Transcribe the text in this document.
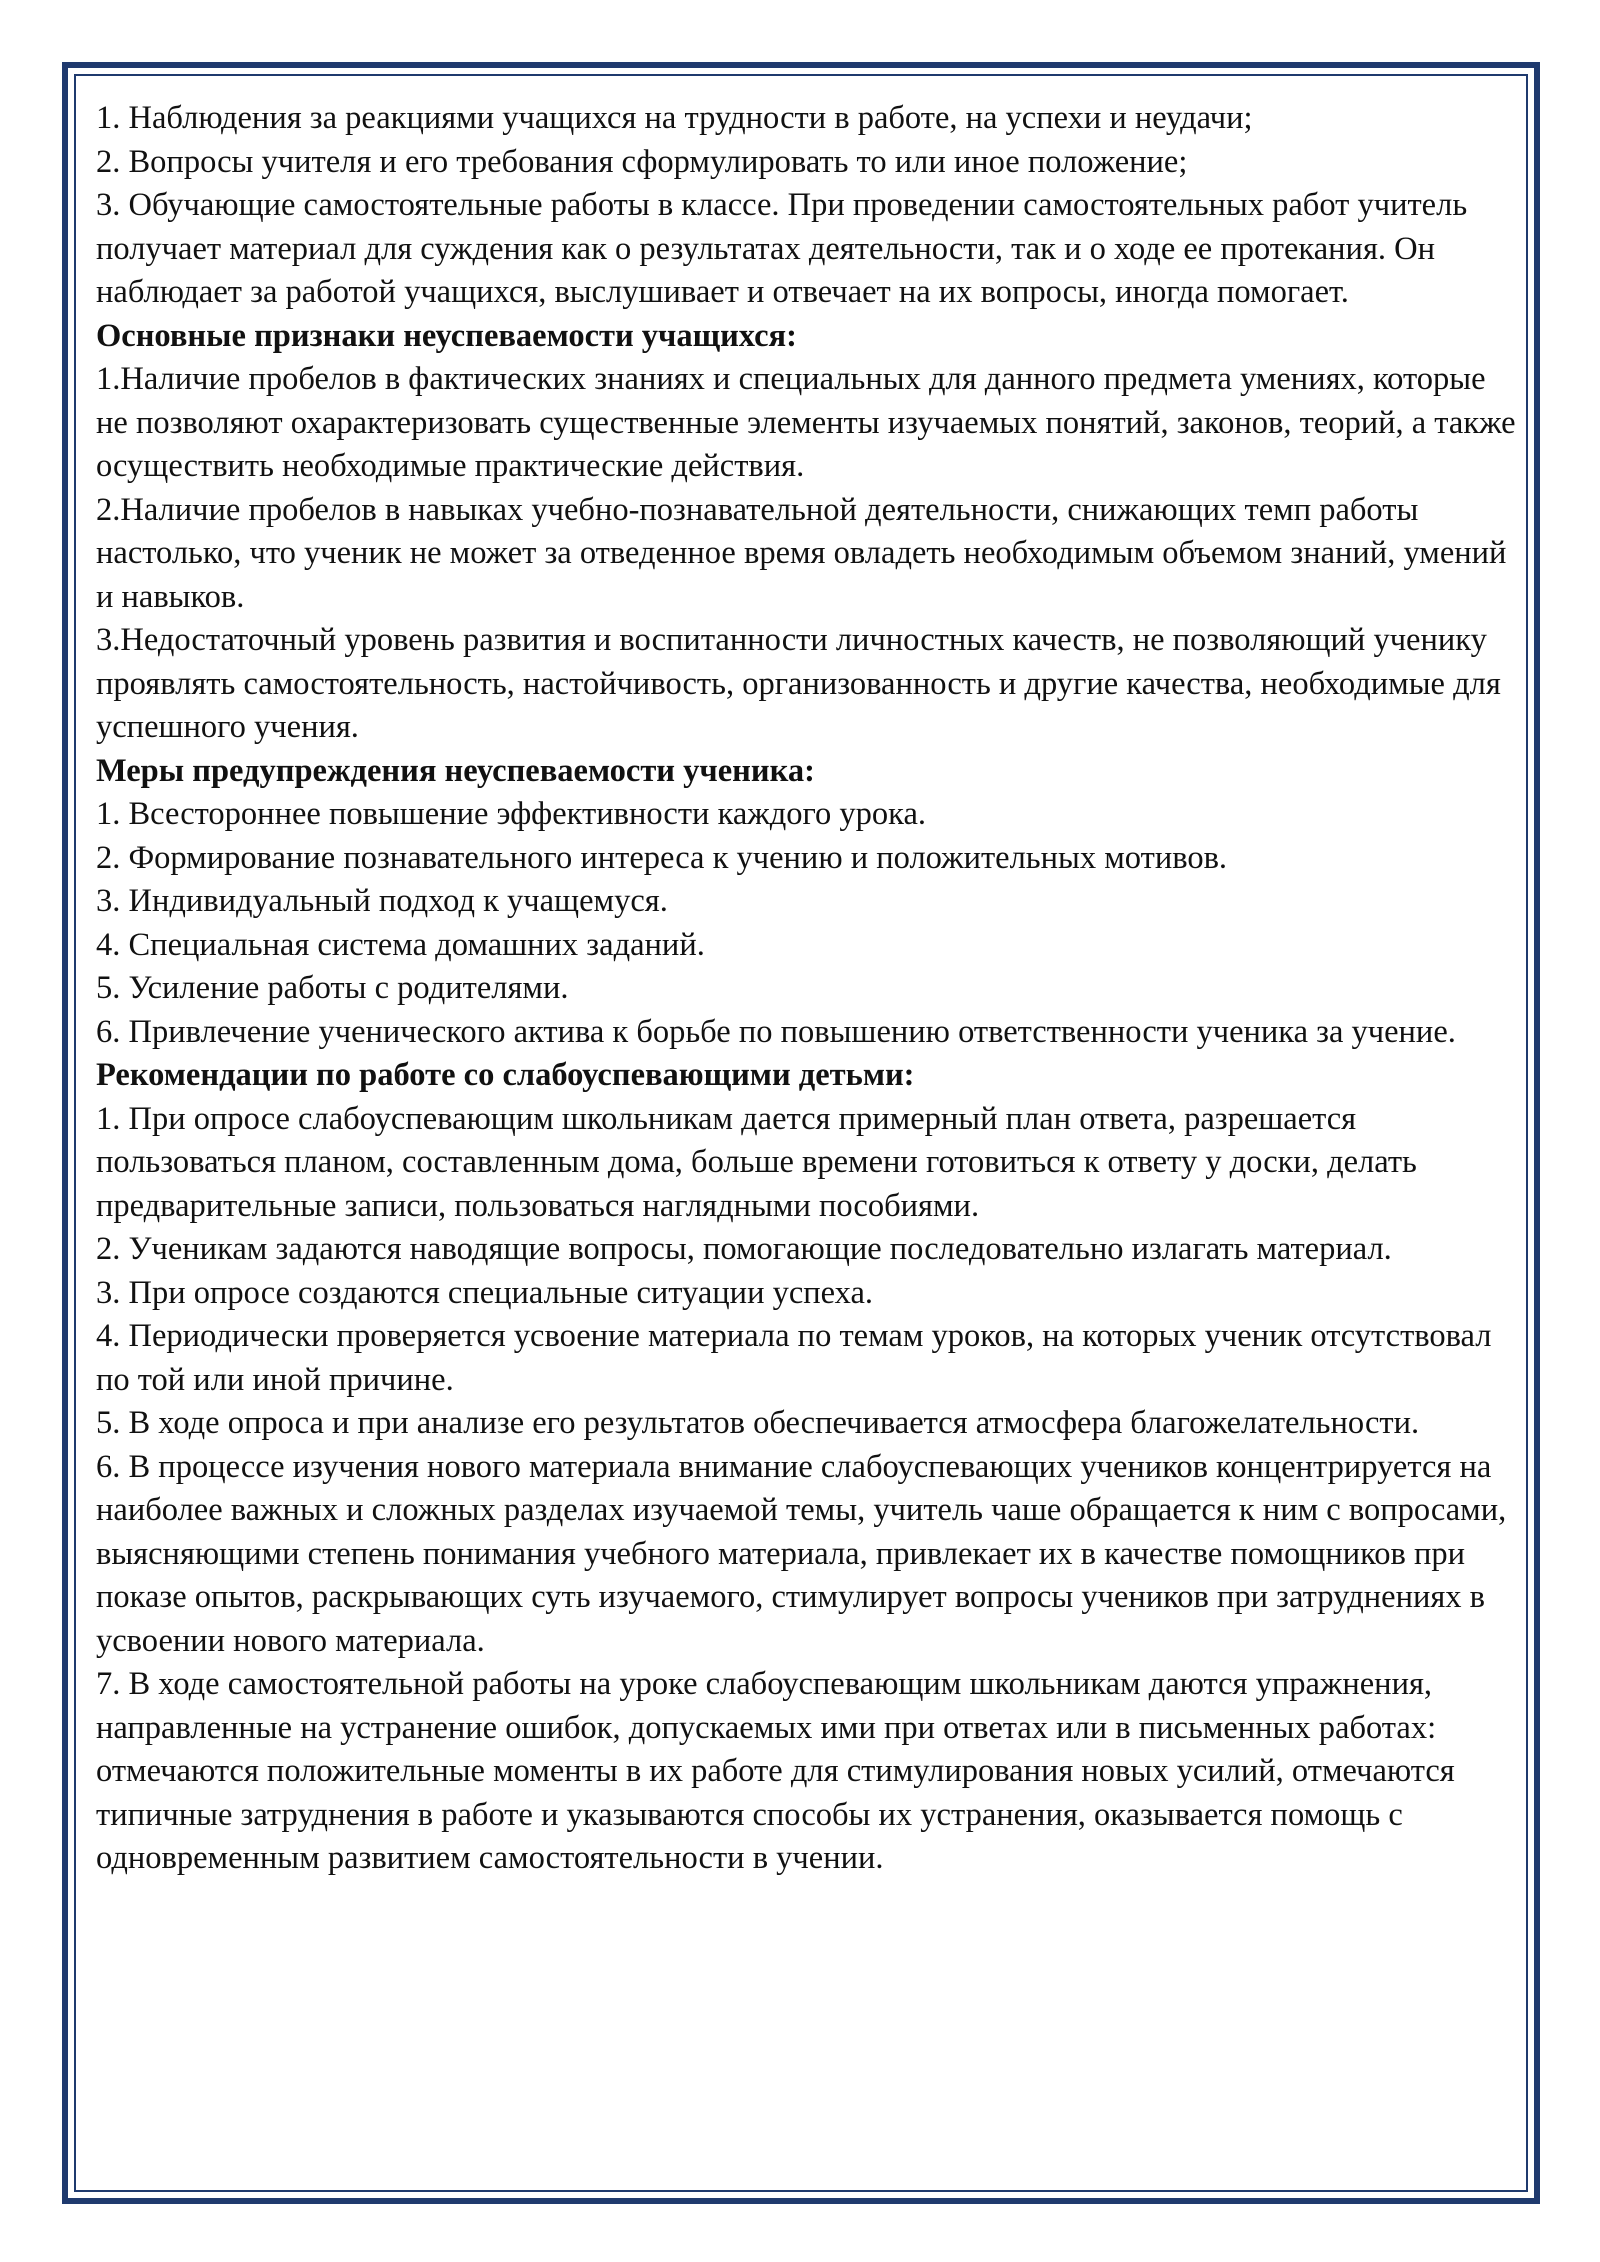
1. Наблюдения за реакциями учащихся на трудности в работе, на успехи и неудачи;

2. Вопросы учителя и его требования сформулировать то или иное положение;

3. Обучающие самостоятельные работы в классе. При проведении самостоятельных работ учитель получает материал для суждения как о результатах деятельности, так и о ходе ее протекания. Он наблюдает за работой учащихся, выслушивает и отвечает на их вопросы, иногда помогает.

Основные признаки неуспеваемости учащихся:

1.Наличие пробелов в фактических знаниях и специальных для данного предмета умениях, которые не позволяют охарактеризовать существенные элементы изучаемых понятий, законов, теорий, а также осуществить необходимые практические действия.

2.Наличие пробелов в навыках учебно-познавательной деятельности, снижающих темп работы настолько, что ученик не может за отведенное время овладеть необходимым объемом знаний, умений и навыков.

3.Недостаточный уровень развития и воспитанности личностных качеств, не позволяющий ученику проявлять самостоятельность, настойчивость, организованность и другие качества, необходимые для успешного учения.

Меры предупреждения неуспеваемости ученика:

1. Всестороннее повышение эффективности каждого урока.

2. Формирование познавательного интереса к учению и положительных мотивов.

3. Индивидуальный подход к учащемуся.

4. Специальная система домашних заданий.

5. Усиление работы с родителями.

6. Привлечение ученического актива к борьбе по повышению ответственности ученика за учение.

Рекомендации по работе со слабоуспевающими детьми:

1. При опросе слабоуспевающим школьникам дается примерный план ответа, разрешается пользоваться планом, составленным дома, больше времени готовиться к ответу у доски, делать предварительные записи, пользоваться наглядными пособиями.

2. Ученикам задаются наводящие вопросы, помогающие последовательно излагать материал.

3. При опросе создаются специальные ситуации успеха.

4. Периодически проверяется усвоение материала по темам уроков, на которых ученик отсутствовал по той или иной причине.

5. В ходе опроса и при анализе его результатов обеспечивается атмосфера благожелательности.

6. В процессе изучения нового материала внимание слабоуспевающих учеников концентрируется на наиболее важных и сложных разделах изучаемой темы, учитель чаше обращается к ним с вопросами, выясняющими степень понимания учебного материала, привлекает их в качестве помощников при показе опытов, раскрывающих суть изучаемого, стимулирует вопросы учеников при затруднениях в усвоении нового материала.

7. В ходе самостоятельной работы на уроке слабоуспевающим школьникам даются упражнения, направленные на устранение ошибок, допускаемых ими при ответах или в письменных работах: отмечаются положительные моменты в их работе для стимулирования новых усилий, отмечаются типичные затруднения в работе и указываются способы их устранения, оказывается помощь с одновременным развитием самостоятельности в учении.
